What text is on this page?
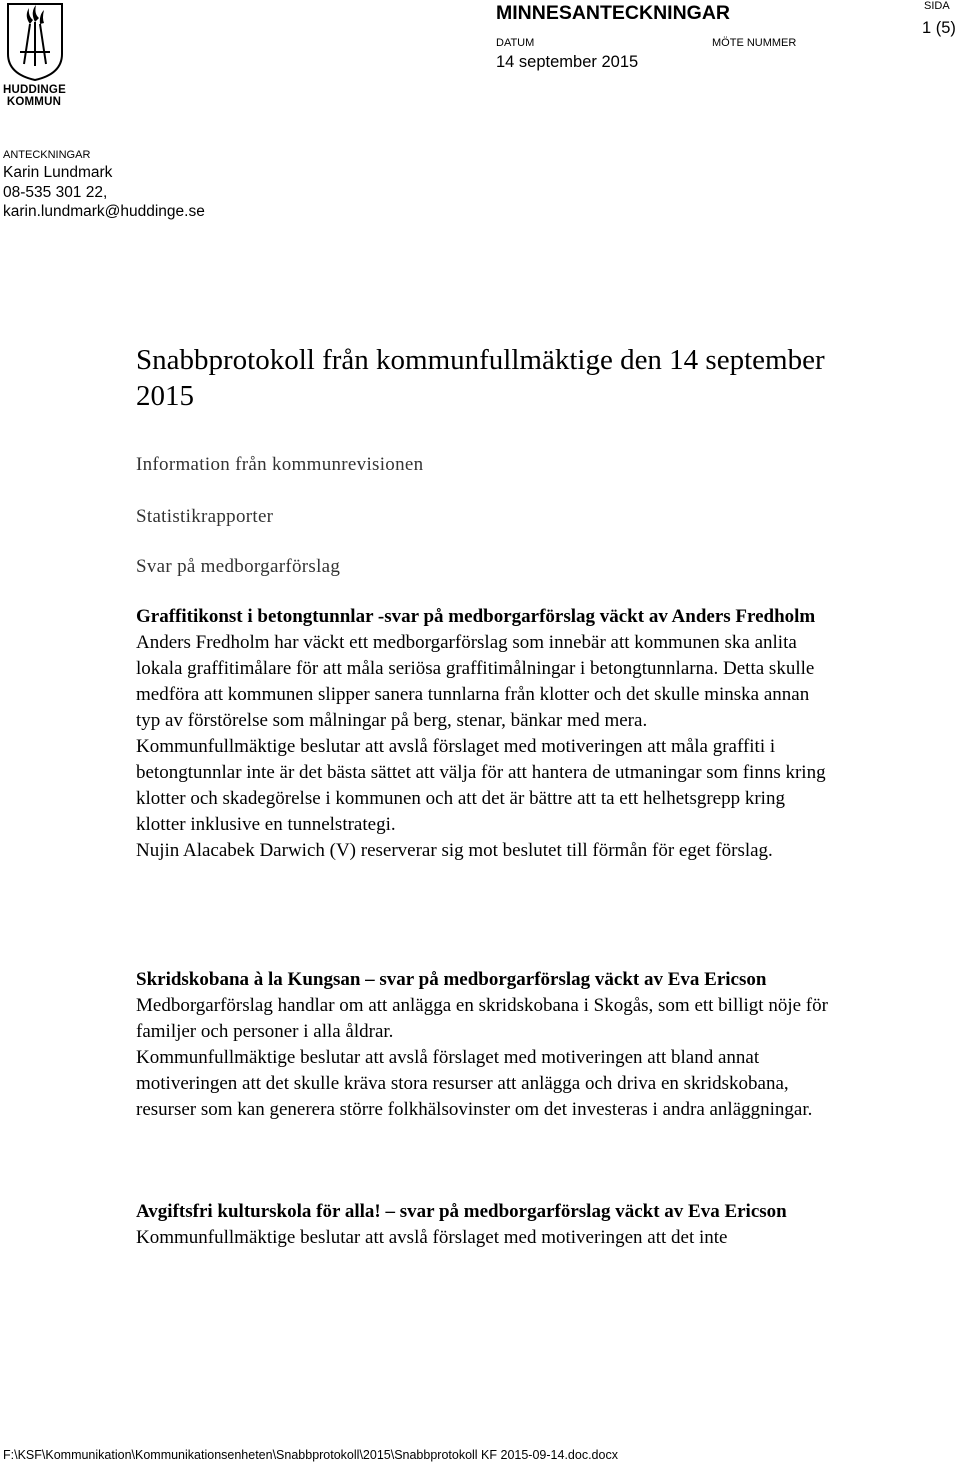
HUDDINGE
KOMMUN
MINNESANTECKNINGAR
DATUM	MÖTE NUMMER
14 september 2015
SIDA
1 (5)
ANTECKNINGAR
Karin Lundmark
08-535 301 22,
karin.lundmark@huddinge.se
Snabbprotokoll från kommunfullmäktige den 14 september 2015
Information från kommunrevisionen
Statistikrapporter
Svar på medborgarförslag

Graffitikonst i betongtunnlar -svar på medborgarförslag väckt av Anders Fredholm

Anders Fredholm har väckt ett medborgarförslag som innebär att kommunen ska anlita lokala graffitimålare för att måla seriösa graffitimålningar i betongtunnlarna. Detta skulle medföra att kommunen slipper sanera tunnlarna från klotter och det skulle minska annan typ av förstörelse som målningar på berg, stenar, bänkar med mera.

Kommunfullmäktige beslutar att avslå förslaget med motiveringen att måla graffiti i betongtunnlar inte är det bästa sättet att välja för att hantera de utmaningar som finns kring klotter och skadegörelse i kommunen och att det är bättre att ta ett helhetsgrepp kring klotter inklusive en tunnelstrategi.

Nujin Alacabek Darwich (V) reserverar sig mot beslutet till förmån för eget förslag.

Skridskobana à la Kungsan – svar på medborgarförslag väckt av Eva Ericson

Medborgarförslag handlar om att anlägga en skridskobana i Skogås, som ett billigt nöje för familjer och personer i alla åldrar.

Kommunfullmäktige beslutar att avslå förslaget med motiveringen att bland annat motiveringen att det skulle kräva stora resurser att anlägga och driva en skridskobana, resurser som kan generera större folkhälsovinster om det investeras i andra anläggningar.

Avgiftsfri kulturskola för alla! – svar på medborgarförslag väckt av Eva Ericson

Kommunfullmäktige beslutar att avslå förslaget med motiveringen att det inte

F:\KSF\Kommunikation\Kommunikationsenheten\Snabbprotokoll\2015\Snabbprotokoll KF 2015-09-14.doc.docx
